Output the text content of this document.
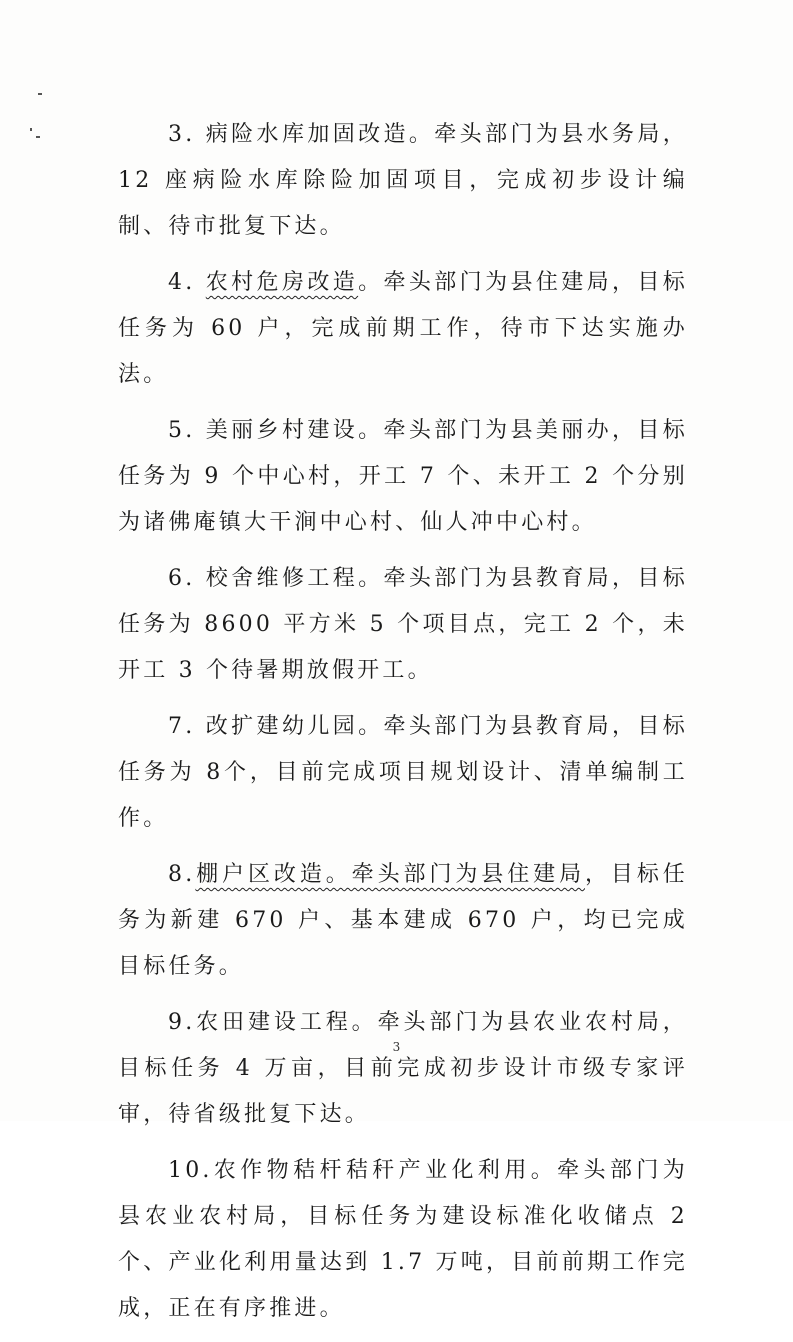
3. 病险水库加固改造。牵头部门为县水务局，12 座病险水库除险加固项目，完成初步设计编制、待市批复下达。

4. 农村危房改造。牵头部门为县住建局，目标任务为 60 户，完成前期工作，待市下达实施办法。

5. 美丽乡村建设。牵头部门为县美丽办，目标任务为 9 个中心村，开工 7 个、未开工 2 个分别为诸佛庵镇大干涧中心村、仙人冲中心村。

6. 校舍维修工程。牵头部门为县教育局，目标任务为 8600 平方米 5 个项目点，完工 2 个，未开工 3 个待暑期放假开工。

7. 改扩建幼儿园。牵头部门为县教育局，目标任务为 8个，目前完成项目规划设计、清单编制工作。

8.棚户区改造。牵头部门为县住建局，目标任务为新建 670 户、基本建成 670 户，均已完成目标任务。

9.农田建设工程。牵头部门为县农业农村局，目标任务 4 万亩，目前完成初步设计市级专家评审，待省级批复下达。

10.农作物秸杆秸秆产业化利用。牵头部门为县农业农村局，目标任务为建设标准化收储点 2 个、产业化利用量达到 1.7 万吨，目前前期工作完成，正在有序推进。

3
